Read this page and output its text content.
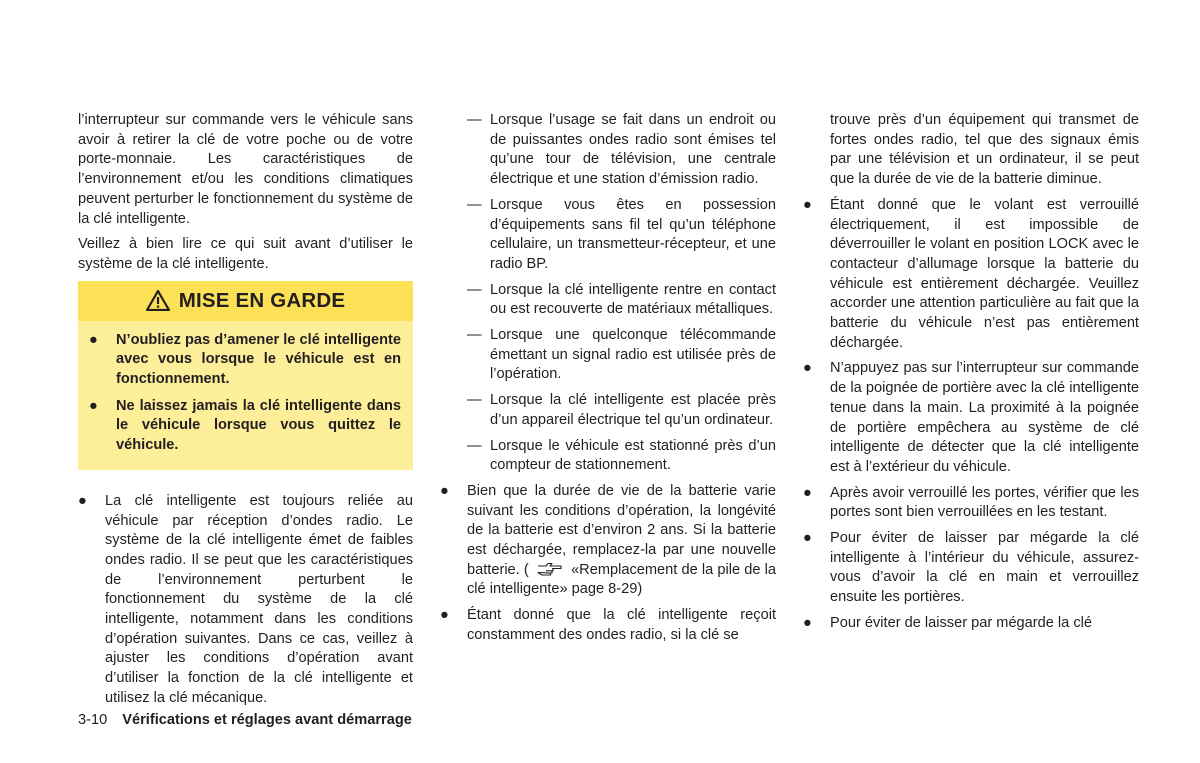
l’interrupteur sur commande vers le véhicule sans avoir à retirer la clé de votre poche ou de votre porte-monnaie. Les caractéristiques de l’environnement et/ou les conditions climatiques peuvent perturber le fonctionnement du système de la clé intelligente.

Veillez à bien lire ce qui suit avant d’utiliser le système de la clé intelligente.

MISE EN GARDE
●	N’oubliez pas d’amener le clé intelligente avec vous lorsque le véhicule est en fonctionnement.
●	Ne laissez jamais la clé intelligente dans le véhicule lorsque vous quittez le véhicule.
●	La clé intelligente est toujours reliée au véhicule par réception d’ondes radio. Le système de la clé intelligente émet de faibles ondes radio. Il se peut que les caractéristiques de l’environnement perturbent le fonctionnement du système de la clé intelligente, notamment dans les conditions d’opération suivantes. Dans ce cas, veillez à ajuster les conditions d’opération avant d’utiliser la fonction de la clé intelligente et utilisez la clé mécanique.
— Lorsque l’usage se fait dans un endroit ou de puissantes ondes radio sont émises tel qu’une tour de télévision, une centrale électrique et une station d’émission radio.
— Lorsque vous êtes en possession d’équipements sans fil tel qu’un téléphone cellulaire, un transmetteur-récepteur, et une radio BP.
— Lorsque la clé intelligente rentre en contact ou est recouverte de matériaux métalliques.
— Lorsque une quelconque télécommande émettant un signal radio est utilisée près de l’opération.
— Lorsque la clé intelligente est placée près d’un appareil électrique tel qu’un ordinateur.
— Lorsque le véhicule est stationné près d’un compteur de stationnement.
●	Bien que la durée de vie de la batterie varie suivant les conditions d’opération, la longévité de la batterie est d’environ 2 ans. Si la batterie est déchargée, remplacez-la par une nouvelle batterie. (	«Remplacement de la pile de la clé intelligente» page 8-29)
●	Étant donné que la clé intelligente reçoit constamment des ondes radio, si la clé se
trouve près d’un équipement qui transmet de fortes ondes radio, tel que des signaux émis par une télévision et un ordinateur, il se peut que la durée de vie de la batterie diminue.
●	Étant donné que le volant est verrouillé électriquement, il est impossible de déverrouiller le volant en position LOCK avec le contacteur d’allumage lorsque la batterie du véhicule est entièrement déchargée. Veuillez accorder une attention particulière au fait que la batterie du véhicule n’est pas entièrement déchargée.
●	N’appuyez pas sur l’interrupteur sur commande de la poignée de portière avec la clé intelligente tenue dans la main. La proximité à la poignée de portière empêchera au système de clé intelligente de détecter que la clé intelligente est à l’extérieur du véhicule.
●	Après avoir verrouillé les portes, vérifier que les portes sont bien verrouillées en les testant.
●	Pour éviter de laisser par mégarde la clé intelligente à l’intérieur du véhicule, assurez-vous d’avoir la clé en main et verrouillez ensuite les portières.
●	Pour éviter de laisser par mégarde la clé
3-10 Vérifications et réglages avant démarrage
